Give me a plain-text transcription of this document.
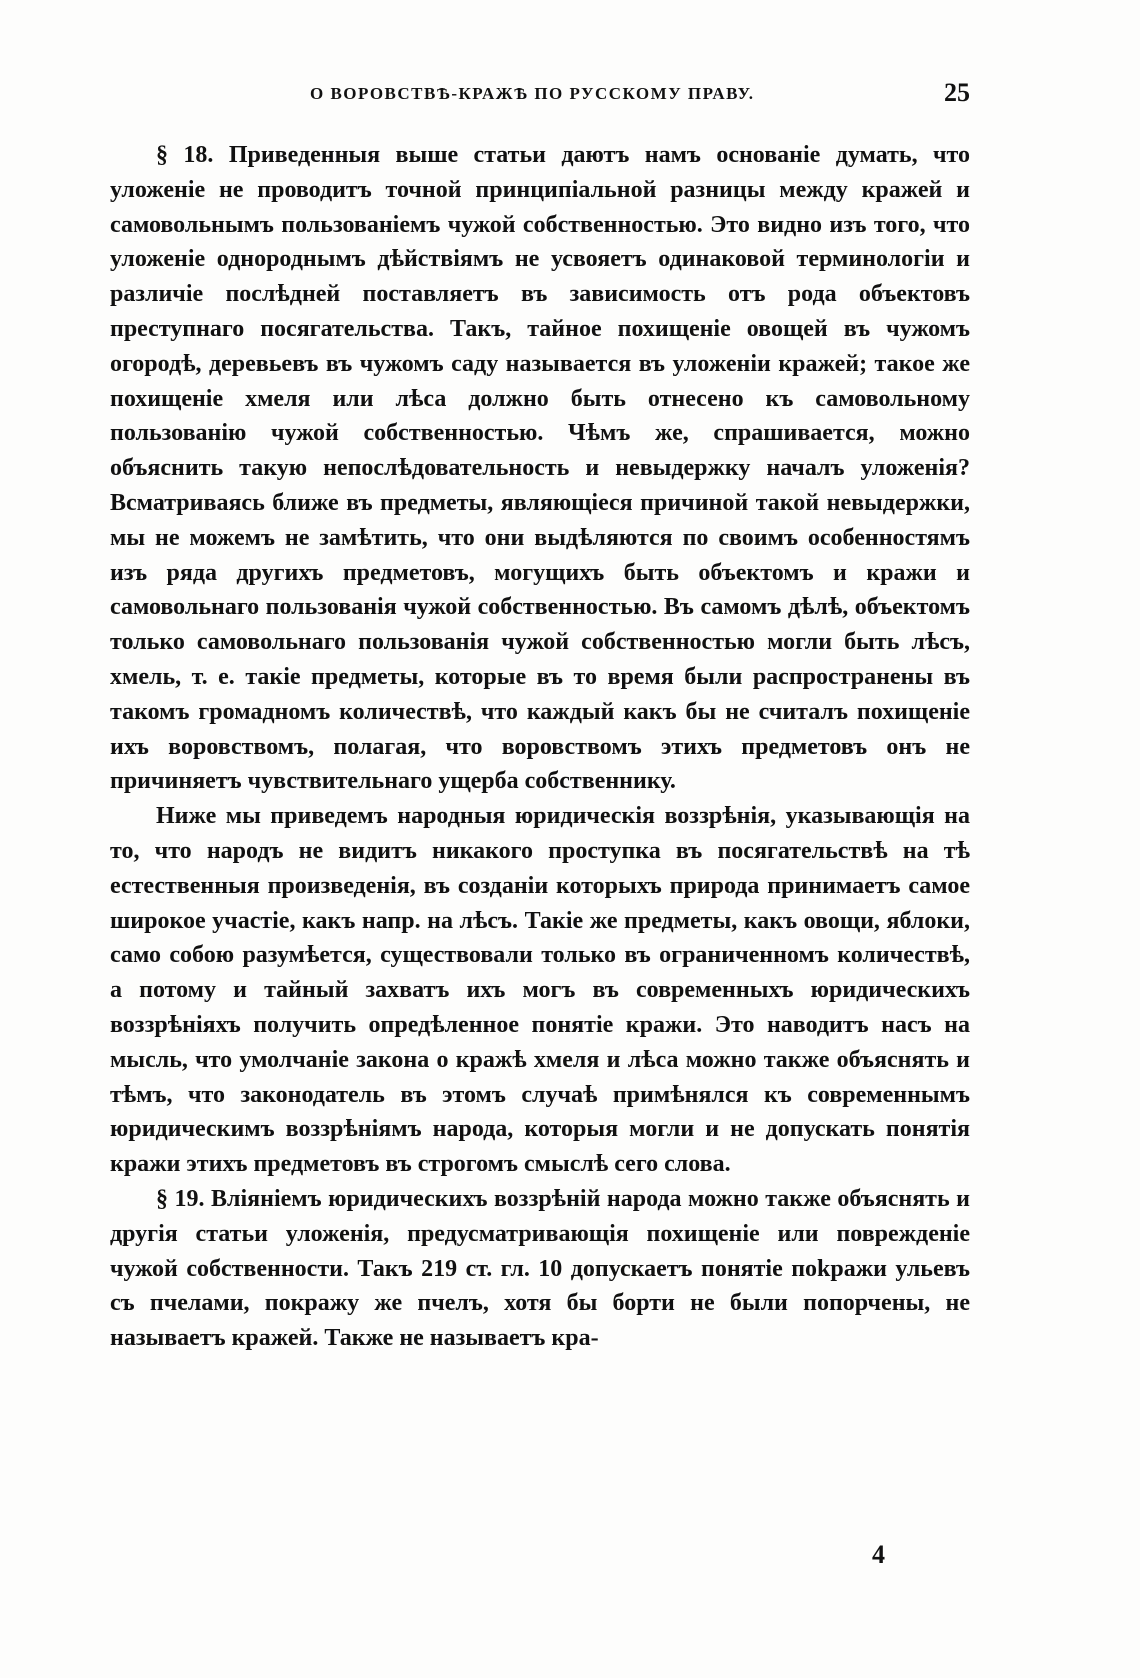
О ВОРОВСТВѢ-КРАЖѢ ПО РУССКОМУ ПРАВУ.	25

§ 18. Приведенныя выше статьи даютъ намъ основаніе думать, что уложеніе не проводитъ точной принципіальной разницы между кражей и самовольнымъ пользованіемъ чужой собственностью. Это видно изъ того, что уложеніе однороднымъ дѣйствіямъ не усвояетъ одинаковой терминологіи и различіе послѣдней поставляетъ въ зависимость отъ рода объектовъ преступнаго посягательства. Такъ, тайное похищеніе овощей въ чужомъ огородѣ, деревьевъ въ чужомъ саду называется въ уложеніи кражей; такое же похищеніе хмеля или лѣса должно быть отнесено къ самовольному пользованію чужой собственностью. Чѣмъ же, спрашивается, можно объяснить такую непослѣдовательность и невыдержку началъ уложенія? Всматриваясь ближе въ предметы, являющіеся причиной такой невыдержки, мы не можемъ не замѣтить, что они выдѣляются по своимъ особенностямъ изъ ряда другихъ предметовъ, могущихъ быть объектомъ и кражи и самовольнаго пользованія чужой собственностью. Въ самомъ дѣлѣ, объектомъ только самовольнаго пользованія чужой собственностью могли быть лѣсъ, хмель, т. е. такіе предметы, которые въ то время были распространены въ такомъ громадномъ количествѣ, что каждый какъ бы не считалъ похищеніе ихъ воровствомъ, полагая, что воровствомъ этихъ предметовъ онъ не причиняетъ чувствительнаго ущерба собственнику.

Ниже мы приведемъ народныя юридическія воззрѣнія, указывающія на то, что народъ не видитъ никакого проступка въ посягательствѣ на тѣ естественныя произведенія, въ созданіи которыхъ природа принимаетъ самое широкое участіе, какъ напр. на лѣсъ. Такіе же предметы, какъ овощи, яблоки, само собою разумѣется, существовали только въ ограниченномъ количествѣ, а потому и тайный захватъ ихъ могъ въ современныхъ юридическихъ воззрѣніяхъ получить опредѣленное понятіе кражи. Это наводитъ насъ на мысль, что умолчаніе закона о кражѣ хмеля и лѣса можно также объяснять и тѣмъ, что законодатель въ этомъ случаѣ примѣнялся къ современнымъ юридическимъ воззрѣніямъ народа, которыя могли и не допускать понятія кражи этихъ предметовъ въ строгомъ смыслѣ сего слова.

§ 19. Вліяніемъ юридическихъ воззрѣній народа можно также объяснять и другія статьи уложенія, предусматривающія похищеніе или поврежденіе чужой собственности. Такъ 219 ст. гл. 10 допускаетъ понятіе поkражи ульевъ съ пчелами, покражу же пчелъ, хотя бы борти не были попорчены, не называетъ кражей. Также не называетъ кра-

4
